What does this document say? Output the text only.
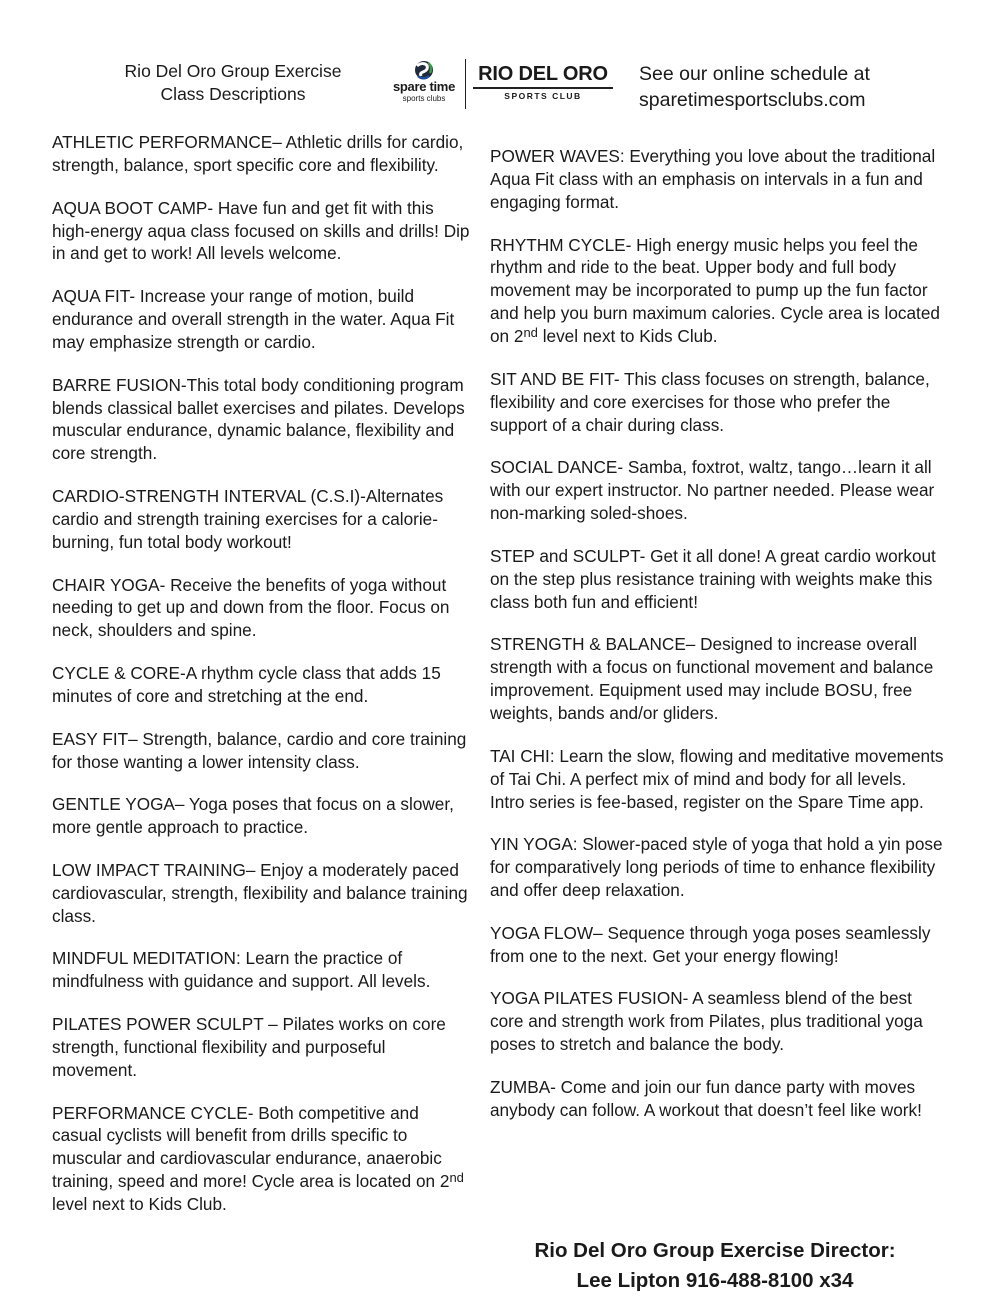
Rio Del Oro Group Exercise
Class Descriptions	spare time
sports clubs
RIO DEL ORO
SPORTS CLUB
See our online schedule at
sparetimesportsclubs.com
ATHLETIC PERFORMANCE– Athletic drills for cardio, strength, balance, sport specific core and flexibility.
AQUA BOOT CAMP- Have fun and get fit with this high-energy aqua class focused on skills and drills! Dip in and get to work! All levels welcome.
AQUA FIT- Increase your range of motion, build endurance and overall strength in the water. Aqua Fit may emphasize strength or cardio.
BARRE FUSION-This total body conditioning program blends classical ballet exercises and pilates. Develops muscular endurance, dynamic balance, flexibility and core strength.
CARDIO-STRENGTH INTERVAL (C.S.I)-Alternates cardio and strength training exercises for a calorie-burning, fun total body workout!
CHAIR YOGA- Receive the benefits of yoga without needing to get up and down from the floor. Focus on neck, shoulders and spine.
CYCLE & CORE-A rhythm cycle class that adds 15 minutes of core and stretching at the end.
EASY FIT– Strength, balance, cardio and core training for those wanting a lower intensity class.
GENTLE YOGA– Yoga poses that focus on a slower, more gentle approach to practice.
LOW IMPACT TRAINING– Enjoy a moderately paced cardiovascular, strength, flexibility and balance training class.
MINDFUL MEDITATION: Learn the practice of mindfulness with guidance and support. All levels.
PILATES POWER SCULPT – Pilates works on core strength, functional flexibility and purposeful movement.
PERFORMANCE CYCLE- Both competitive and casual cyclists will benefit from drills specific to muscular and cardiovascular endurance, anaerobic training, speed and more! Cycle area is located on 2nd level next to Kids Club.
POWER WAVES: Everything you love about the traditional Aqua Fit class with an emphasis on intervals in a fun and engaging format.
RHYTHM CYCLE- High energy music helps you feel the rhythm and ride to the beat. Upper body and full body movement may be incorporated to pump up the fun factor and help you burn maximum calories. Cycle area is located on 2nd level next to Kids Club.
SIT AND BE FIT- This class focuses on strength, balance, flexibility and core exercises for those who prefer the support of a chair during class.
SOCIAL DANCE- Samba, foxtrot, waltz, tango…learn it all with our expert instructor. No partner needed. Please wear non-marking soled-shoes.
STEP and SCULPT- Get it all done! A great cardio workout on the step plus resistance training with weights make this class both fun and efficient!
STRENGTH & BALANCE– Designed to increase overall strength with a focus on functional movement and balance improvement. Equipment used may include BOSU, free weights, bands and/or gliders.
TAI CHI: Learn the slow, flowing and meditative movements of Tai Chi. A perfect mix of mind and body for all levels. Intro series is fee-based, register on the Spare Time app.
YIN YOGA: Slower-paced style of yoga that hold a yin pose for comparatively long periods of time to enhance flexibility and offer deep relaxation.
YOGA FLOW– Sequence through yoga poses seamlessly from one to the next. Get your energy flowing!
YOGA PILATES FUSION- A seamless blend of the best core and strength work from Pilates, plus traditional yoga poses to stretch and balance the body.
ZUMBA- Come and join our fun dance party with moves anybody can follow. A workout that doesn’t feel like work!
Rio Del Oro Group Exercise Director:
Lee Lipton 916-488-8100 x34
